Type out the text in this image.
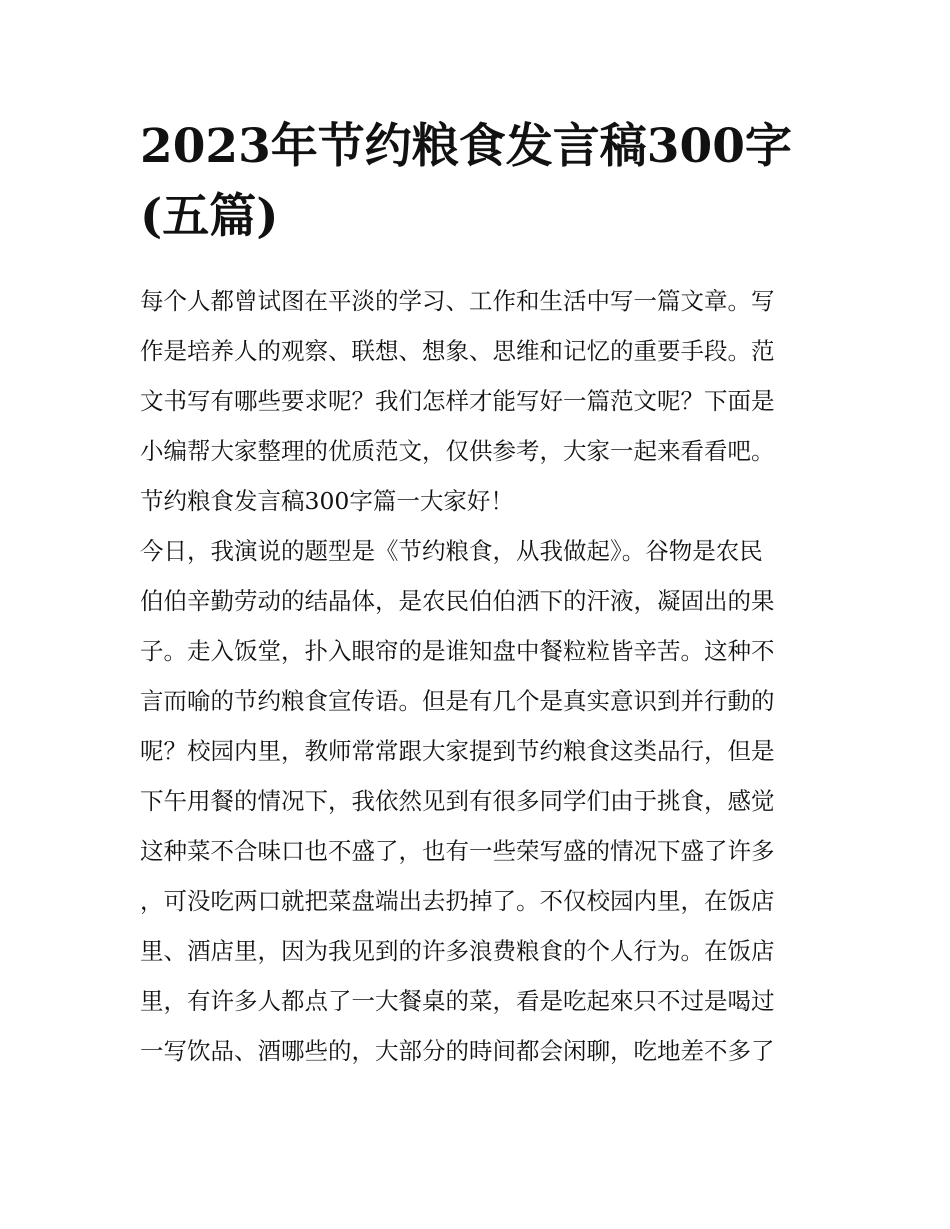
2023年节约粮食发言稿300字(五篇)
每个人都曾试图在平淡的学习、工作和生活中写一篇文章。写
作是培养人的观察、联想、想象、思维和记忆的重要手段。范
文书写有哪些要求呢？我们怎样才能写好一篇范文呢？下面是
小编帮大家整理的优质范文，仅供参考，大家一起来看看吧。
节约粮食发言稿300字篇一大家好！
今日，我演说的题型是《节约粮食，从我做起》。谷物是农民
伯伯辛勤劳动的结晶体，是农民伯伯洒下的汗液，凝固出的果
子。走入饭堂，扑入眼帘的是谁知盘中餐粒粒皆辛苦。这种不
言而喻的节约粮食宣传语。但是有几个是真实意识到并行動的
呢？校园内里，教师常常跟大家提到节约粮食这类品行，但是
下午用餐的情况下，我依然见到有很多同学们由于挑食，感觉
这种菜不合味口也不盛了，也有一些荣写盛的情况下盛了许多
，可没吃两口就把菜盘端出去扔掉了。不仅校园内里，在饭店
里、酒店里，因为我见到的许多浪费粮食的个人行为。在饭店
里，有许多人都点了一大餐桌的菜，看是吃起來只不过是喝过
一写饮品、酒哪些的，大部分的時间都会闲聊，吃地差不多了
